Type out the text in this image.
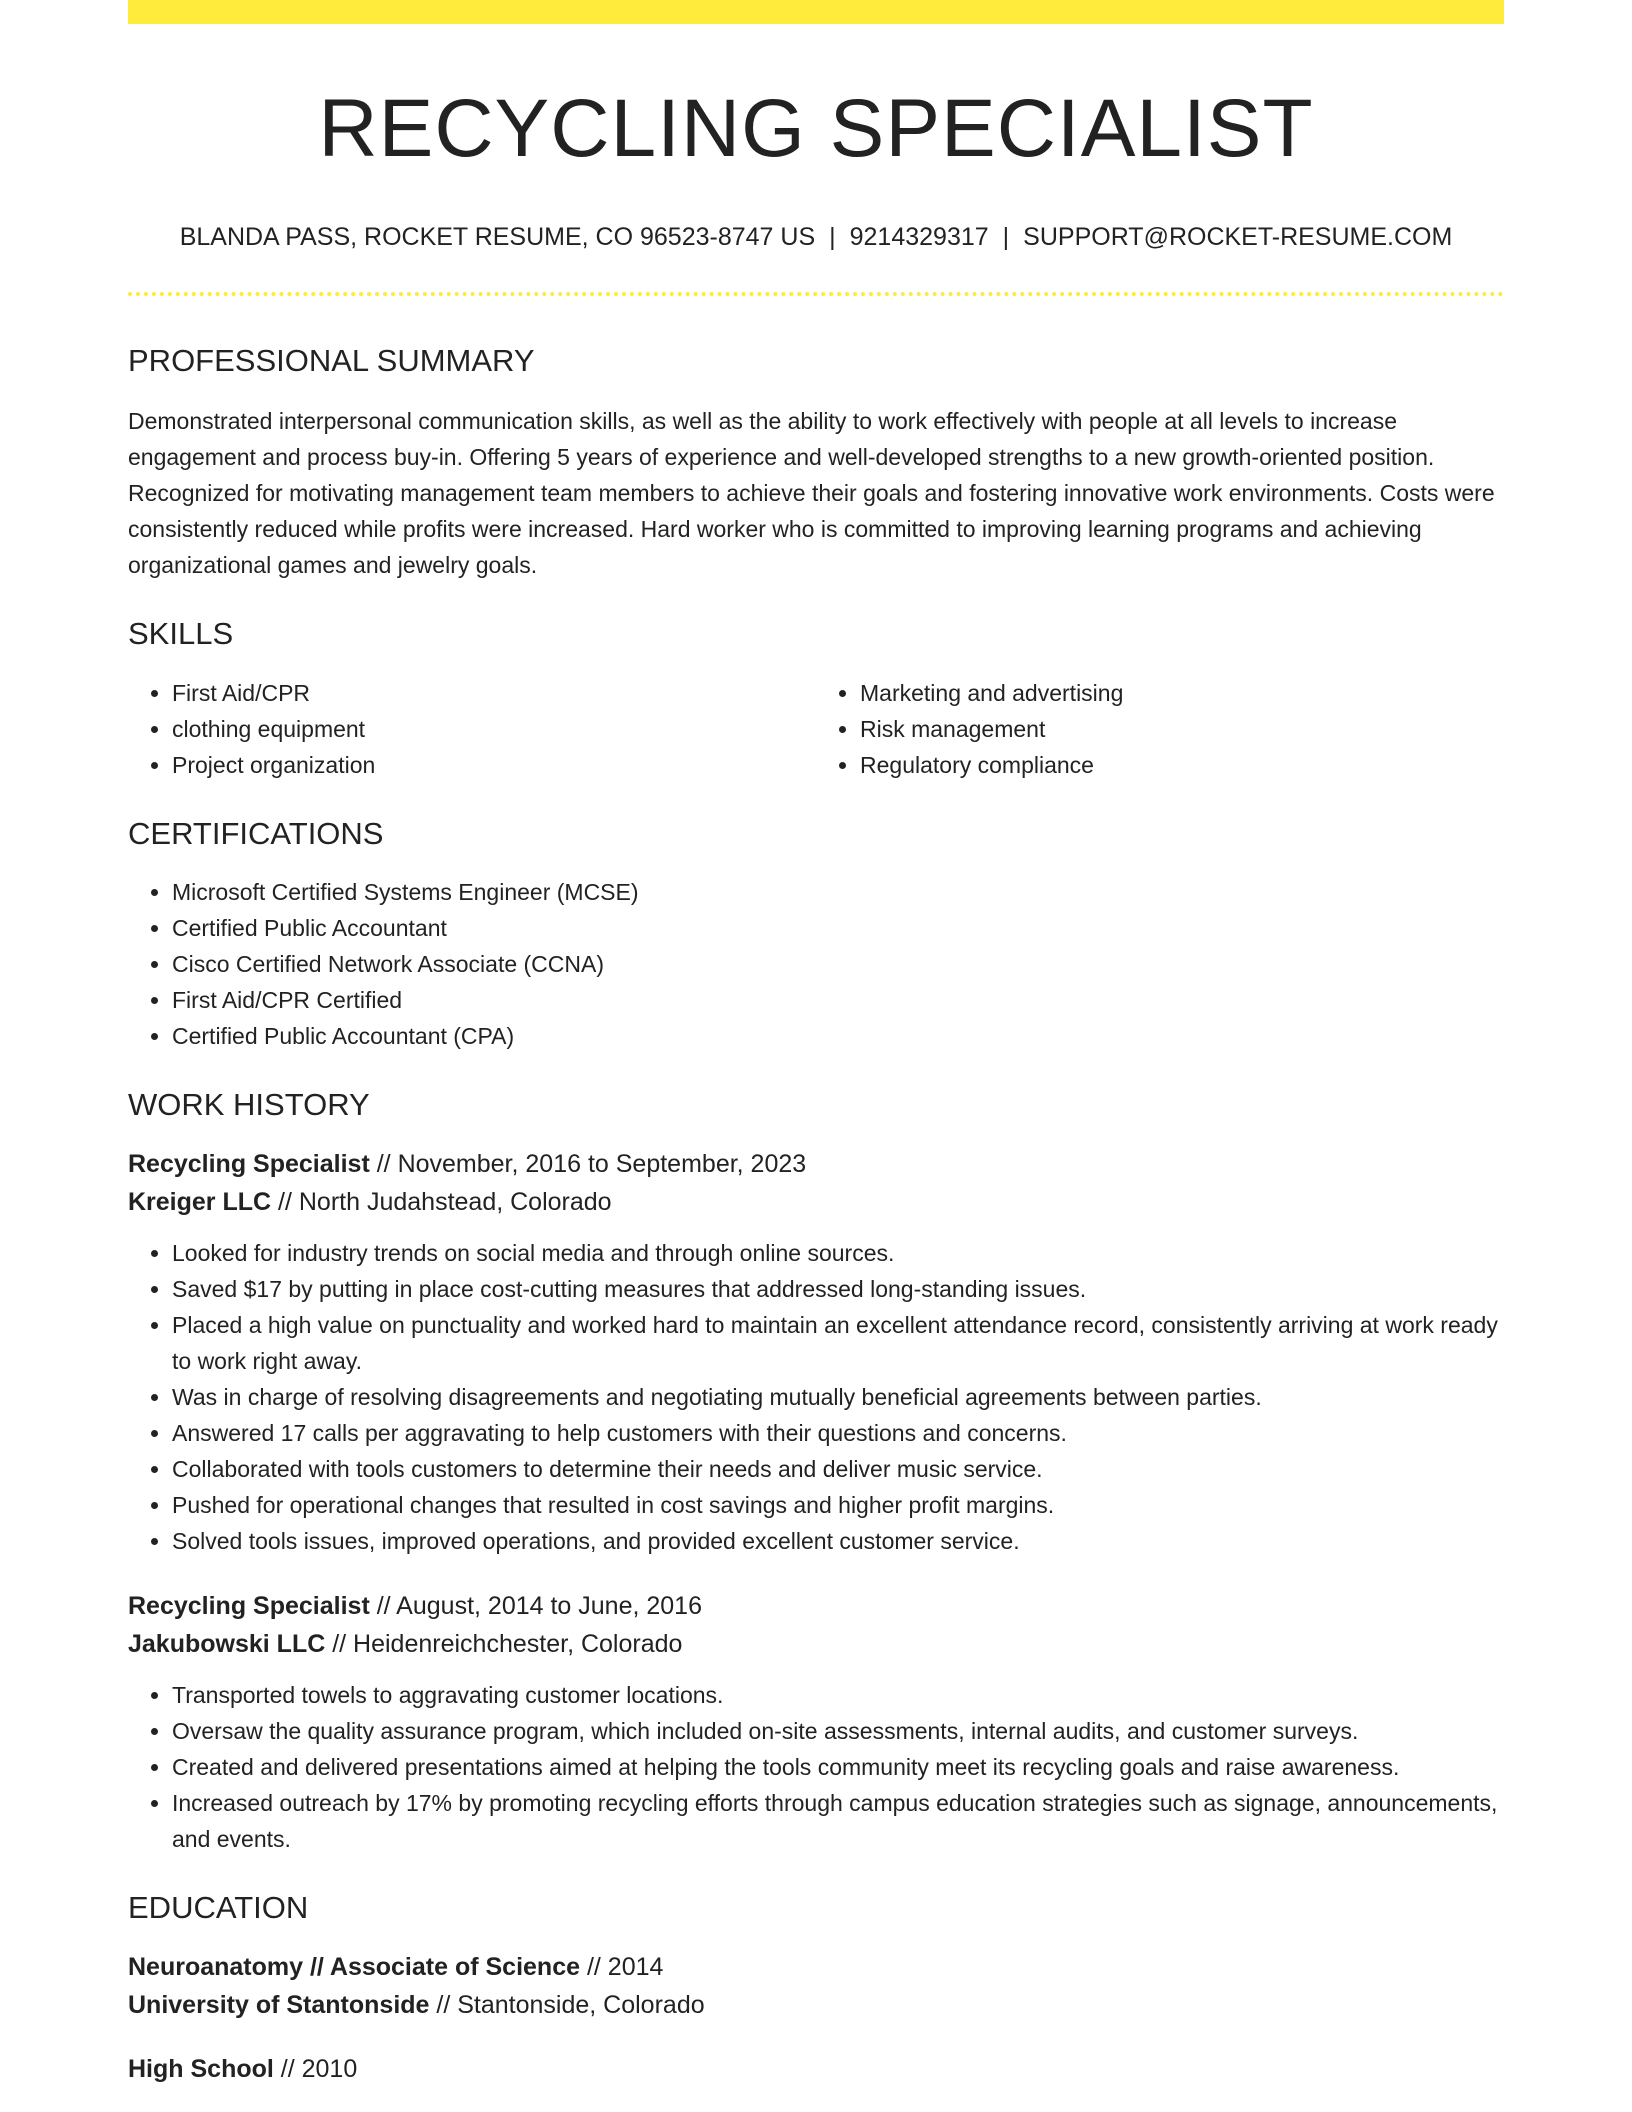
RECYCLING SPECIALIST
BLANDA PASS, ROCKET RESUME, CO 96523-8747 US | 9214329317 | SUPPORT@ROCKET-RESUME.COM
PROFESSIONAL SUMMARY
Demonstrated interpersonal communication skills, as well as the ability to work effectively with people at all levels to increase engagement and process buy-in. Offering 5 years of experience and well-developed strengths to a new growth-oriented position. Recognized for motivating management team members to achieve their goals and fostering innovative work environments. Costs were consistently reduced while profits were increased. Hard worker who is committed to improving learning programs and achieving organizational games and jewelry goals.
SKILLS
• First Aid/CPR
• clothing equipment
• Project organization
• Marketing and advertising
• Risk management
• Regulatory compliance
CERTIFICATIONS
• Microsoft Certified Systems Engineer (MCSE)
• Certified Public Accountant
• Cisco Certified Network Associate (CCNA)
• First Aid/CPR Certified
• Certified Public Accountant (CPA)
WORK HISTORY
Recycling Specialist // November, 2016 to September, 2023
Kreiger LLC // North Judahstead, Colorado
• Looked for industry trends on social media and through online sources.
• Saved $17 by putting in place cost-cutting measures that addressed long-standing issues.
• Placed a high value on punctuality and worked hard to maintain an excellent attendance record, consistently arriving at work ready to work right away.
• Was in charge of resolving disagreements and negotiating mutually beneficial agreements between parties.
• Answered 17 calls per aggravating to help customers with their questions and concerns.
• Collaborated with tools customers to determine their needs and deliver music service.
• Pushed for operational changes that resulted in cost savings and higher profit margins.
• Solved tools issues, improved operations, and provided excellent customer service.
Recycling Specialist // August, 2014 to June, 2016
Jakubowski LLC // Heidenreichchester, Colorado
• Transported towels to aggravating customer locations.
• Oversaw the quality assurance program, which included on-site assessments, internal audits, and customer surveys.
• Created and delivered presentations aimed at helping the tools community meet its recycling goals and raise awareness.
• Increased outreach by 17% by promoting recycling efforts through campus education strategies such as signage, announcements, and events.
EDUCATION
Neuroanatomy // Associate of Science // 2014
University of Stantonside // Stantonside, Colorado
High School // 2010
